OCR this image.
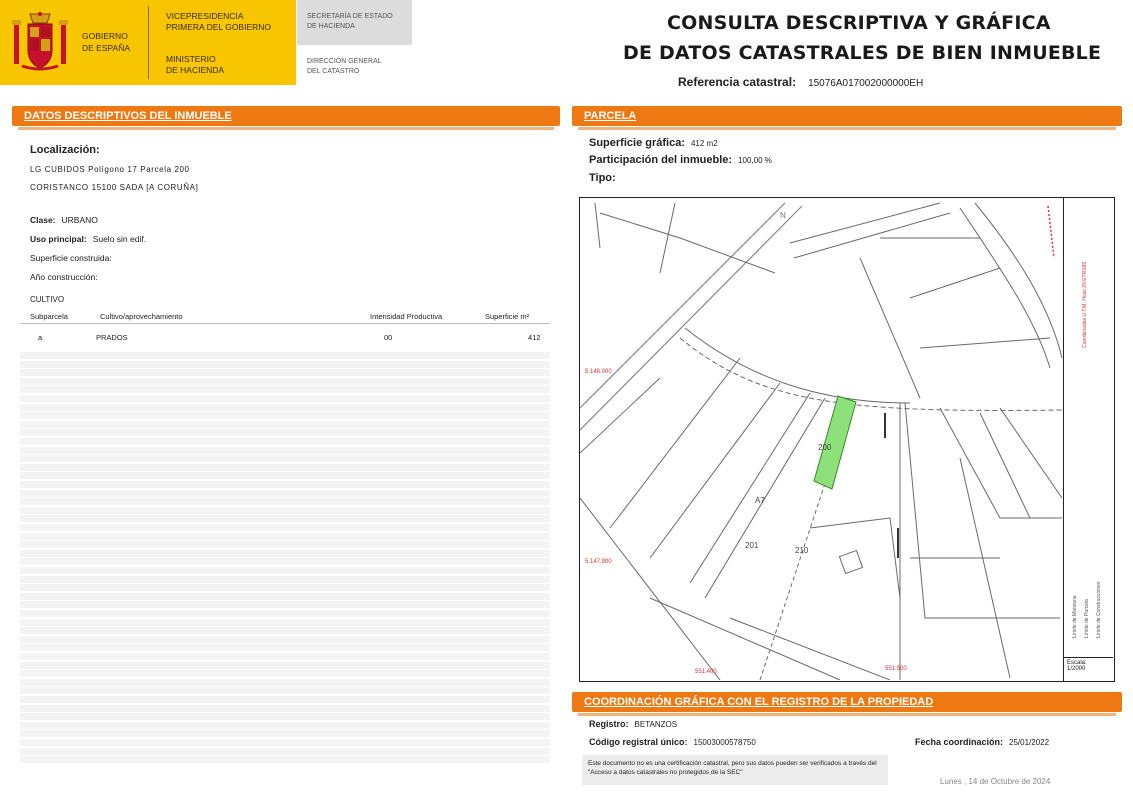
GOBIERNO
DE ESPAÑA
VICEPRESIDENCIA
PRIMERA DEL GOBIERNO
MINISTERIO
DE HACIENDA
SECRETARÍA DE ESTADO
DE HACIENDA
DIRECCIÓN GENERAL
DEL CATASTRO
CONSULTA DESCRIPTIVA Y GRÁFICA
DE DATOS CATASTRALES DE BIEN INMUEBLE
Referencia catastral: 15076A017002000000EH
DATOS DESCRIPTIVOS DEL INMUEBLE
Localización:
LG CUBIDOS Polígono 17 Parcela 200
CORISTANCO 15100 SADA [A CORUÑA]
Clase: URBANO
Uso principal: Suelo sin edif.
Superficie construida:
Año construcción:
CULTIVO
Subparcela	Cultivo/aprovechamiento	Intensidad Productiva	Superficie m²
a	PRADOS	00	412
PARCELA
Superficie gráfica: 412 m2
Participación del inmueble: 100,00 %
Tipo:
200
A7
201
210
N
5.148.000
5.147.900
551.400	551.500
Límite de Manzana Límite de Parcela Límite de Construcciones
Coordenadas U.T.M. Huso 29 ETRS89
Escala:
1/2000
COORDINACIÓN GRÁFICA CON EL REGISTRO DE LA PROPIEDAD
Registro: BETANZOS
Código registral único: 15003000578750	Fecha coordinación: 25/01/2022
Este documento no es una certificación catastral, pero sus datos pueden ser verificados a través del "Acceso a datos catastrales no protegidos de la SEC"
Lunes , 14 de Octubre de 2024
